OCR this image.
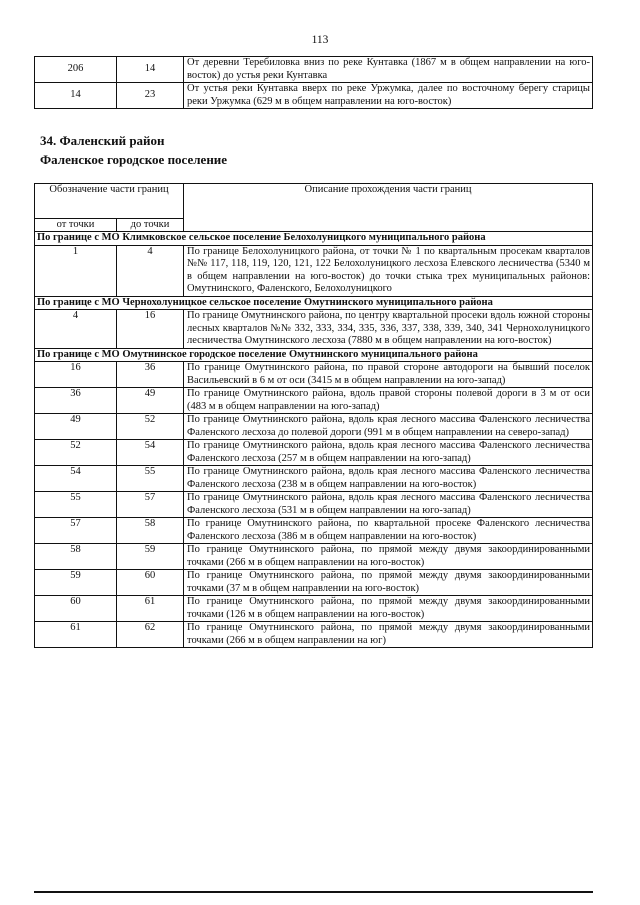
113
206	14	От деревни Теребиловка вниз по реке Кунтавка (1867 м в общем направлении на юго-восток) до устья реки Кунтавка
14	23	От устья реки Кунтавка вверх по реке Уржумка, далее по восточному берегу старицы реки Уржумка (629 м в общем направлении на юго-восток)
34. Фаленский район
Фаленское городское поселение
Обозначение части границ		Описание прохождения части границ
от точки	до точки	
По границе с МО Климковское сельское поселение Белохолуницкого муниципального района		
1	4	По границе Белохолуницкого района, от точки № 1 по квартальным просекам кварталов №№ 117, 118, 119, 120, 121, 122 Белохолуницкого лесхоза Елевского лесничества (5340 м в общем направлении на юго-восток) до точки стыка трех муниципальных районов: Омутнинского, Фаленского, Белохолуницкого
По границе с МО Чернохолуницкое сельское поселение Омутнинского муниципального района		
4	16	По границе Омутнинского района, по центру квартальной просеки вдоль южной стороны лесных кварталов №№ 332, 333, 334, 335, 336, 337, 338, 339, 340, 341 Чернохолуницкого лесничества Омутнинского лесхоза (7880 м в общем направлении на юго-восток)
По границе с МО Омутнинское городское поселение Омутнинского муниципального района		
16	36	По границе Омутнинского района, по правой стороне автодороги на бывший поселок Васильевский в 6 м от оси (3415 м в общем направлении на юго-запад)
36	49	По границе Омутнинского района, вдоль правой стороны полевой дороги в 3 м от оси (483 м в общем направлении на юго-запад)
49	52	По границе Омутнинского района, вдоль края лесного массива Фаленского лесничества Фаленского лесхоза до полевой дороги (991 м в общем направлении на северо-запад)
52	54	По границе Омутнинского района, вдоль края лесного массива Фаленского лесничества Фаленского лесхоза (257 м в общем направлении на юго-запад)
54	55	По границе Омутнинского района, вдоль края лесного массива Фаленского лесничества Фаленского лесхоза (238 м в общем направлении на юго-восток)
55	57	По границе Омутнинского района, вдоль края лесного массива Фаленского лесничества Фаленского лесхоза (531 м в общем направлении на юго-запад)
57	58	По границе Омутнинского района, по квартальной просеке Фаленского лесничества Фаленского лесхоза (386 м в общем направлении на юго-восток)
58	59	По границе Омутнинского района, по прямой между двумя закоординированными точками (266 м в общем направлении на юго-восток)
59	60	По границе Омутнинского района, по прямой между двумя закоординированными точками (37 м в общем направлении на юго-восток)
60	61	По границе Омутнинского района, по прямой между двумя закоординированными точками (126 м в общем направлении на юго-восток)
61	62	По границе Омутнинского района, по прямой между двумя закоординированными точками (266 м в общем направлении на юг)
